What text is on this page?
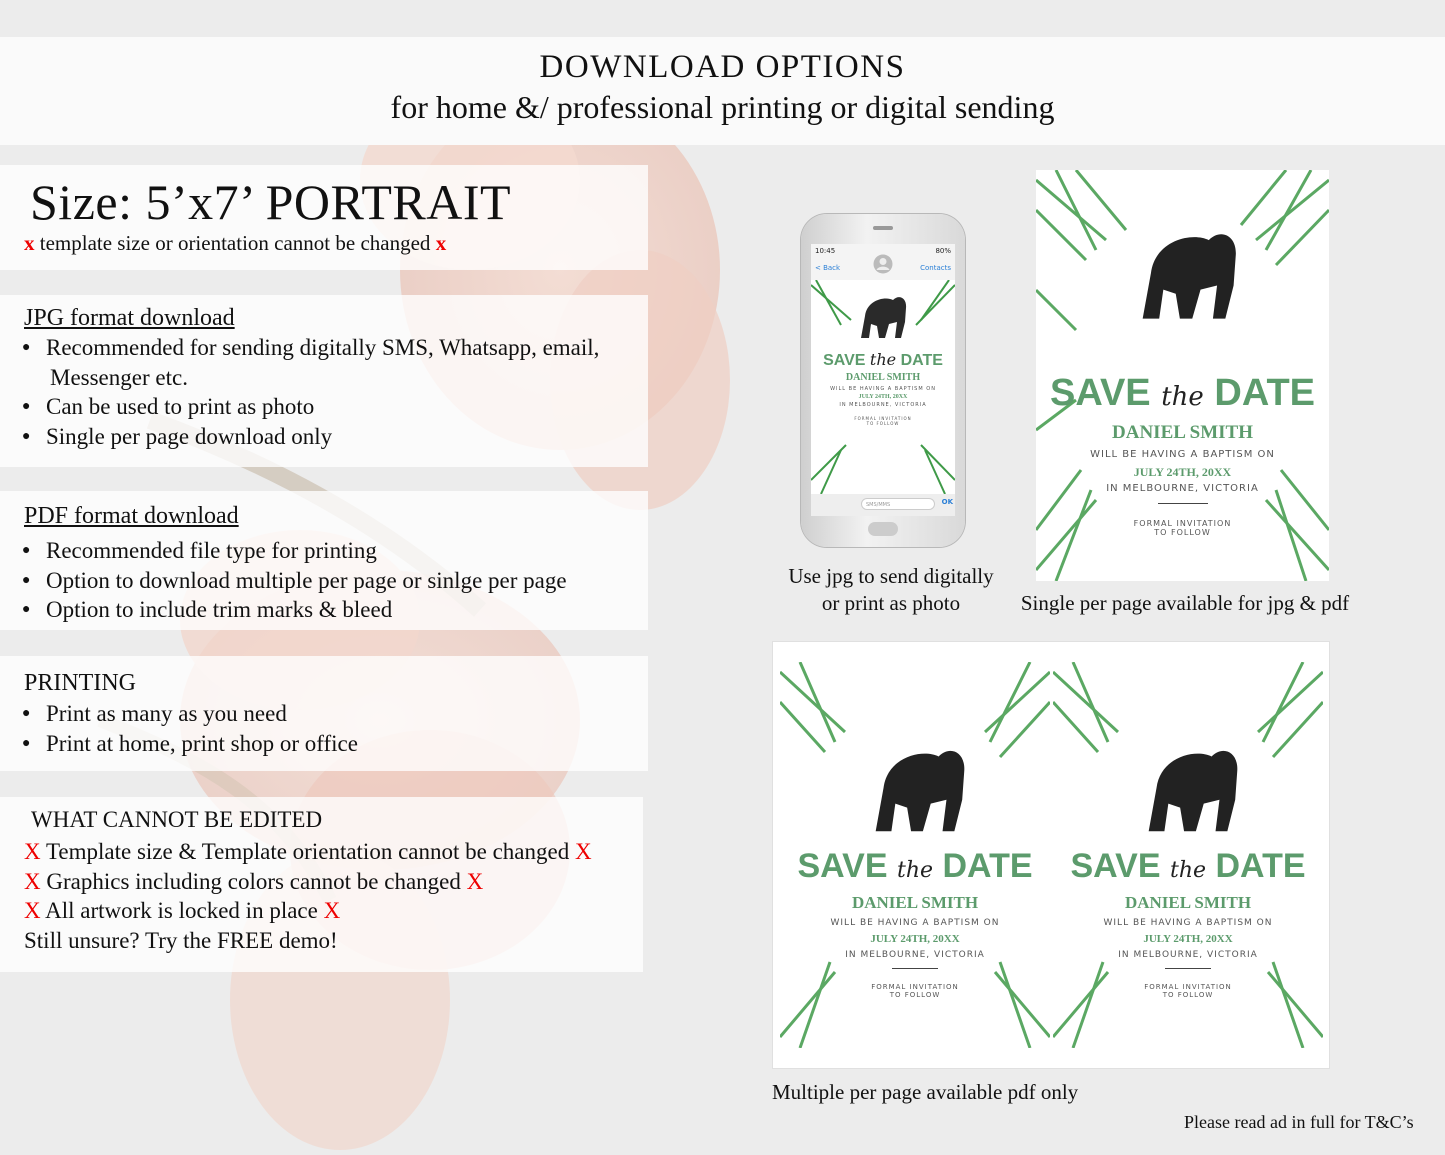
DOWNLOAD OPTIONS
for home &/ professional printing or digital sending
Size: 5’x7’ PORTRAIT
x template size or orientation cannot be changed x
JPG format download
● Recommended for sending digitally SMS, Whatsapp, email,
Messenger etc.
● Can be used to print as photo
● Single per page download only
PDF format download
● Recommended file type for printing
● Option to download multiple per page or sinlge per page
● Option to include trim marks & bleed
PRINTING
● Print as many as you need
● Print at home, print shop or office
WHAT CANNOT BE EDITED
X Template size & Template orientation cannot be changed X
X Graphics including colors cannot be changed X
X All artwork is locked in place X
Still unsure? Try the FREE demo!
10:45	80%
< Back	Contacts
SAVE the DATE
DANIEL SMITH
WILL BE HAVING A BAPTISM ON
JULY 24TH, 20XX
IN MELBOURNE, VICTORIA
FORMAL INVITATION
TO FOLLOW
SMS/MMS	OK
Use jpg to send digitally
or print as photo
SAVE the DATE
DANIEL SMITH
WILL BE HAVING A BAPTISM ON
JULY 24TH, 20XX
IN MELBOURNE, VICTORIA
FORMAL INVITATION
TO FOLLOW
Single per page available for jpg & pdf
SAVE the DATE
DANIEL SMITH
WILL BE HAVING A BAPTISM ON
JULY 24TH, 20XX
IN MELBOURNE, VICTORIA
FORMAL INVITATION
TO FOLLOW
SAVE the DATE
DANIEL SMITH
WILL BE HAVING A BAPTISM ON
JULY 24TH, 20XX
IN MELBOURNE, VICTORIA
FORMAL INVITATION
TO FOLLOW
Multiple per page available pdf only
Please read ad in full for T&C’s
